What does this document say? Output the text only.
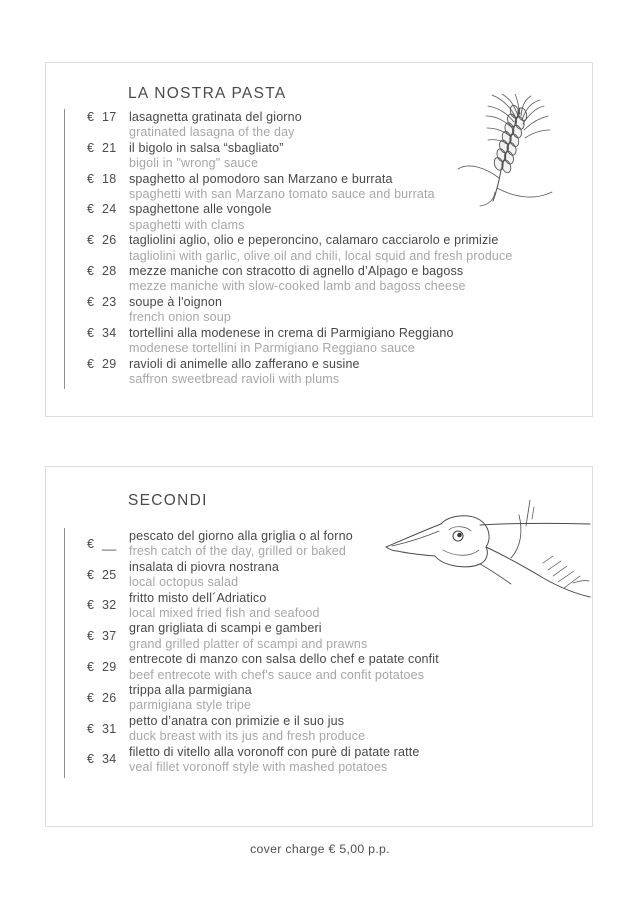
LA NOSTRA PASTA
€ 17 lasagnetta gratinata del giorno
gratinated lasagna of the day
€ 21 il bigolo in salsa “sbagliato”
bigoli in "wrong" sauce
€ 18 spaghetto al pomodoro san Marzano e burrata
spaghetti with san Marzano tomato sauce and burrata
€ 24 spaghettone alle vongole
spaghetti with clams
€ 26 tagliolini aglio, olio e peperoncino, calamaro cacciarolo e primizie
tagliolini with garlic, olive oil and chili, local squid and fresh produce
€ 28 mezze maniche con stracotto di agnello d’Alpago e bagoss
mezze maniche with slow-cooked lamb and bagoss cheese
€ 23 soupe à l'oignon
french onion soup
€ 34 tortellini alla modenese in crema di Parmigiano Reggiano
modenese tortellini in Parmigiano Reggiano sauce
€ 29 ravioli di animelle allo zafferano e susine
saffron sweetbread ravioli with plums
SECONDI
€ __
pescato del giorno alla griglia o al forno
fresh catch of the day, grilled or baked
€ 25
insalata di piovra nostrana
local octopus salad
€ 32
fritto misto dell´Adriatico
local mixed fried fish and seafood
€ 37
gran grigliata di scampi e gamberi
grand grilled platter of scampi and prawns
€ 29
entrecote di manzo con salsa dello chef e patate confit
beef entrecote with chef's sauce and confit potatoes
€ 26
trippa alla parmigiana
parmigiana style tripe
€ 31
petto d’anatra con primizie e il suo jus
duck breast with its jus and fresh produce
€ 34
filetto di vitello alla voronoff con purè di patate ratte
veal fillet voronoff style with mashed potatoes
cover charge € 5,00 p.p.
